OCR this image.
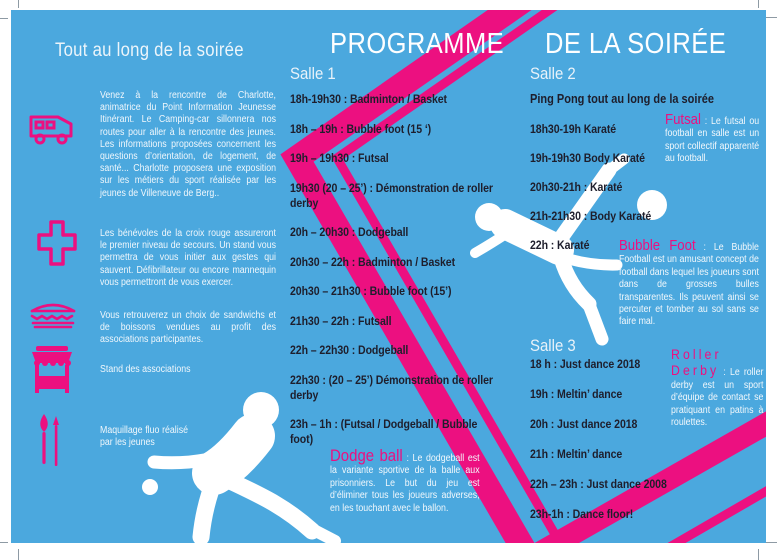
Tout au long de la soirée

Venez à la rencontre de Charlotte, animatrice du Point Information Jeunesse Itinérant. Le Camping-car sillonnera nos routes pour aller à la rencontre des jeunes. Les informations proposées concernent les questions d’orientation, de logement, de santé... Charlotte proposera une exposition sur les métiers du sport réalisée par les jeunes de Villeneuve de Berg..

Les bénévoles de la croix rouge assureront le premier niveau de secours. Un stand vous permettra de vous initier aux gestes qui sauvent. Défibrillateur ou encore mannequin vous permettront de vous exercer.

Vous retrouverez un choix de sandwichs et de boissons vendues au profit des associations participantes.

Stand des associations

Maquillage fluo réalisé par les jeunes

PROGRAMME DE LA SOIRÉE
Salle 1
18h-19h30 : Badminton / Basket
18h – 19h : Bubble foot (15 ‘)
19h – 19h30 : Futsal
19h30 (20 – 25’) : Démonstration de roller derby
20h – 20h30 : Dodgeball
20h30 – 22h : Badminton / Basket
20h30 – 21h30 : Bubble foot (15’)
21h30 – 22h : Futsall
22h – 22h30 : Dodgeball
22h30 : (20 – 25’) Démonstration de roller derby
23h – 1h : (Futsal / Dodgeball / Bubble foot)

Dodge ball : Le dodgeball est la variante sportive de la balle aux prisonniers. Le but du jeu est d’éliminer tous les joueurs adverses, en les touchant avec le ballon.

Salle 2
Ping Pong tout au long de la soirée
18h30-19h Karaté
19h-19h30 Body Karaté
20h30-21h : Karaté
21h-21h30 : Body Karaté
22h : Karaté

Futsal : Le futsal ou football en salle est un sport collectif apparenté au football.

Bubble Foot : Le Bubble Football est un amusant concept de football dans lequel les joueurs sont dans de grosses bulles transparentes. Ils peuvent ainsi se percuter et tomber au sol sans se faire mal.

Salle 3
18 h : Just dance 2018
19h : Meltin’ dance
20h : Just dance 2018
21h : Meltin’ dance
22h – 23h : Just dance 2008
23h-1h : Dance floor!

Roller Derby : Le roller derby est un sport d’équipe de contact se pratiquant en patins à roulettes.
